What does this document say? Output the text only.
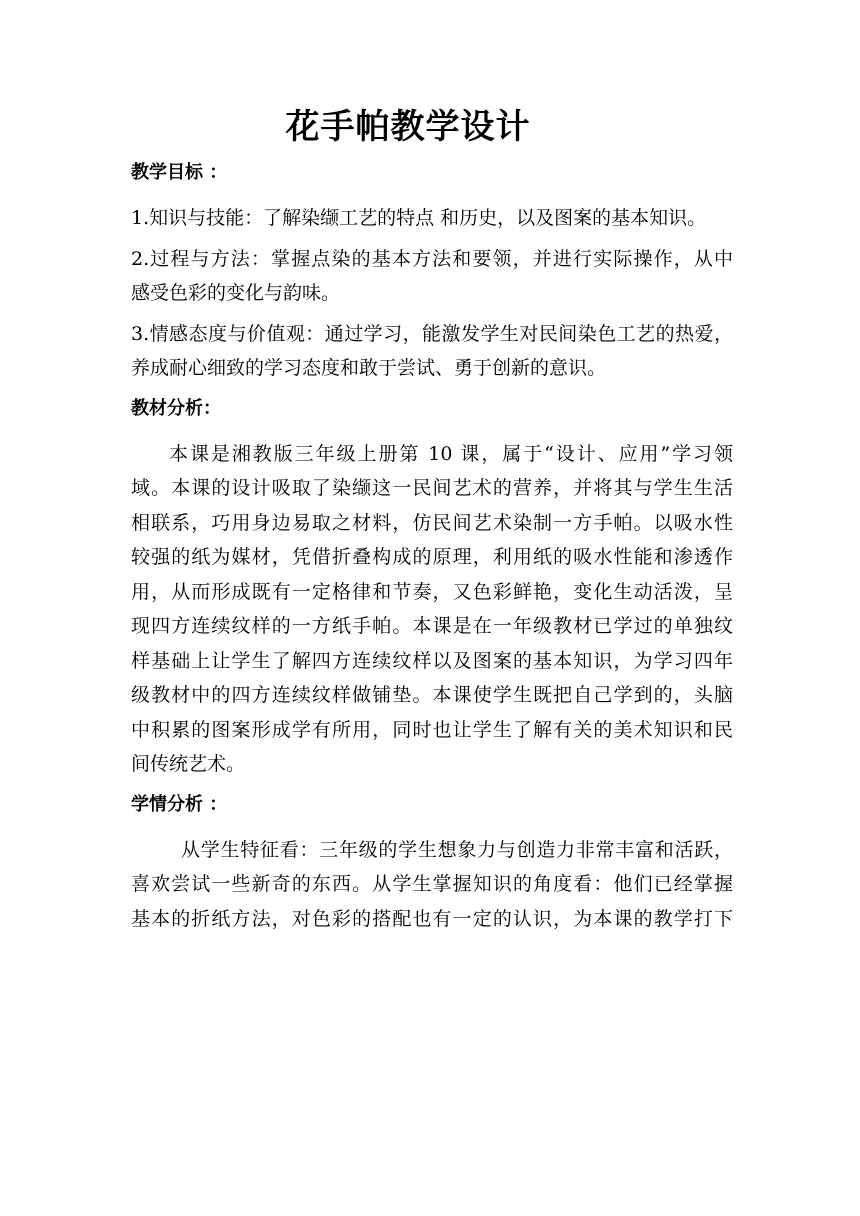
花手帕教学设计
教学目标 ：
1.知识与技能：了解染缬工艺的特点 和历史，以及图案的基本知识。
2.过程与方法：掌握点染的基本方法和要领，并进行实际操作，从中
感受色彩的变化与韵味。
3.情感态度与价值观：通过学习，能激发学生对民间染色工艺的热爱，
养成耐心细致的学习态度和敢于尝试、勇于创新的意识。
教材分析：
本课是湘教版三年级上册第 10 课，属于“设计、应用”学习领
域。本课的设计吸取了染缬这一民间艺术的营养，并将其与学生生活
相联系，巧用身边易取之材料，仿民间艺术染制一方手帕。以吸水性
较强的纸为媒材，凭借折叠构成的原理，利用纸的吸水性能和渗透作
用，从而形成既有一定格律和节奏，又色彩鲜艳，变化生动活泼，呈
现四方连续纹样的一方纸手帕。本课是在一年级教材已学过的单独纹
样基础上让学生了解四方连续纹样以及图案的基本知识，为学习四年
级教材中的四方连续纹样做铺垫。本课使学生既把自己学到的，头脑
中积累的图案形成学有所用，同时也让学生了解有关的美术知识和民
间传统艺术。
学情分析 ：
从学生特征看：三年级的学生想象力与创造力非常丰富和活跃，
喜欢尝试一些新奇的东西。从学生掌握知识的角度看：他们已经掌握
基本的折纸方法，对色彩的搭配也有一定的认识，为本课的教学打下
